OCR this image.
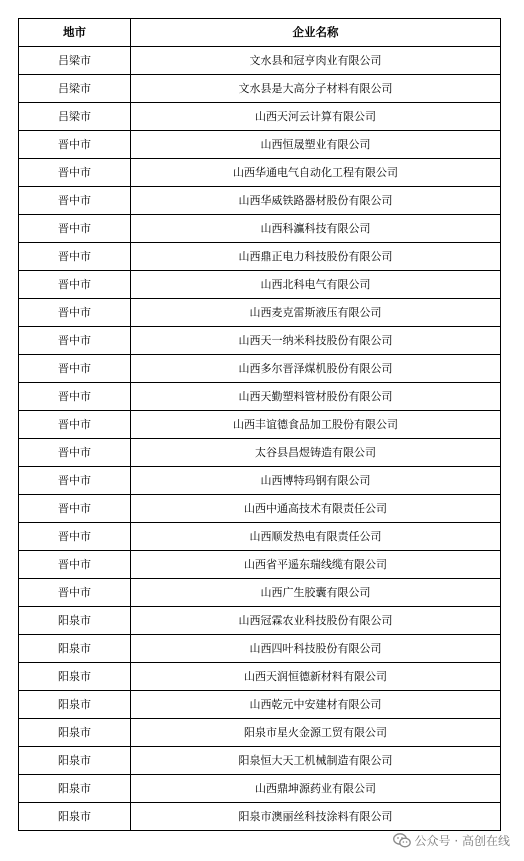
地市	企业名称
吕梁市	文水县和冠亨肉业有限公司
吕梁市	文水县是大高分子材料有限公司
吕梁市	山西天河云计算有限公司
晋中市	山西恒晟塑业有限公司
晋中市	山西华通电气自动化工程有限公司
晋中市	山西华威铁路器材股份有限公司
晋中市	山西科灜科技有限公司
晋中市	山西鼎正电力科技股份有限公司
晋中市	山西北科电气有限公司
晋中市	山西麦克雷斯液压有限公司
晋中市	山西天一纳米科技股份有限公司
晋中市	山西多尔晋泽煤机股份有限公司
晋中市	山西天勤塑料管材股份有限公司
晋中市	山西丰谊德食品加工股份有限公司
晋中市	太谷县昌煜铸造有限公司
晋中市	山西博特玛钢有限公司
晋中市	山西中通高技术有限责任公司
晋中市	山西顺发热电有限责任公司
晋中市	山西省平遥东瑞线缆有限公司
晋中市	山西广生胶囊有限公司
阳泉市	山西冠霖农业科技股份有限公司
阳泉市	山西四叶科技股份有限公司
阳泉市	山西天润恒德新材料有限公司
阳泉市	山西乾元中安建材有限公司
阳泉市	阳泉市星火金源工贸有限公司
阳泉市	阳泉恒大天工机械制造有限公司
阳泉市	山西鼎坤源药业有限公司
阳泉市	阳泉市澳丽丝科技涂料有限公司
公众号 · 高创在线
